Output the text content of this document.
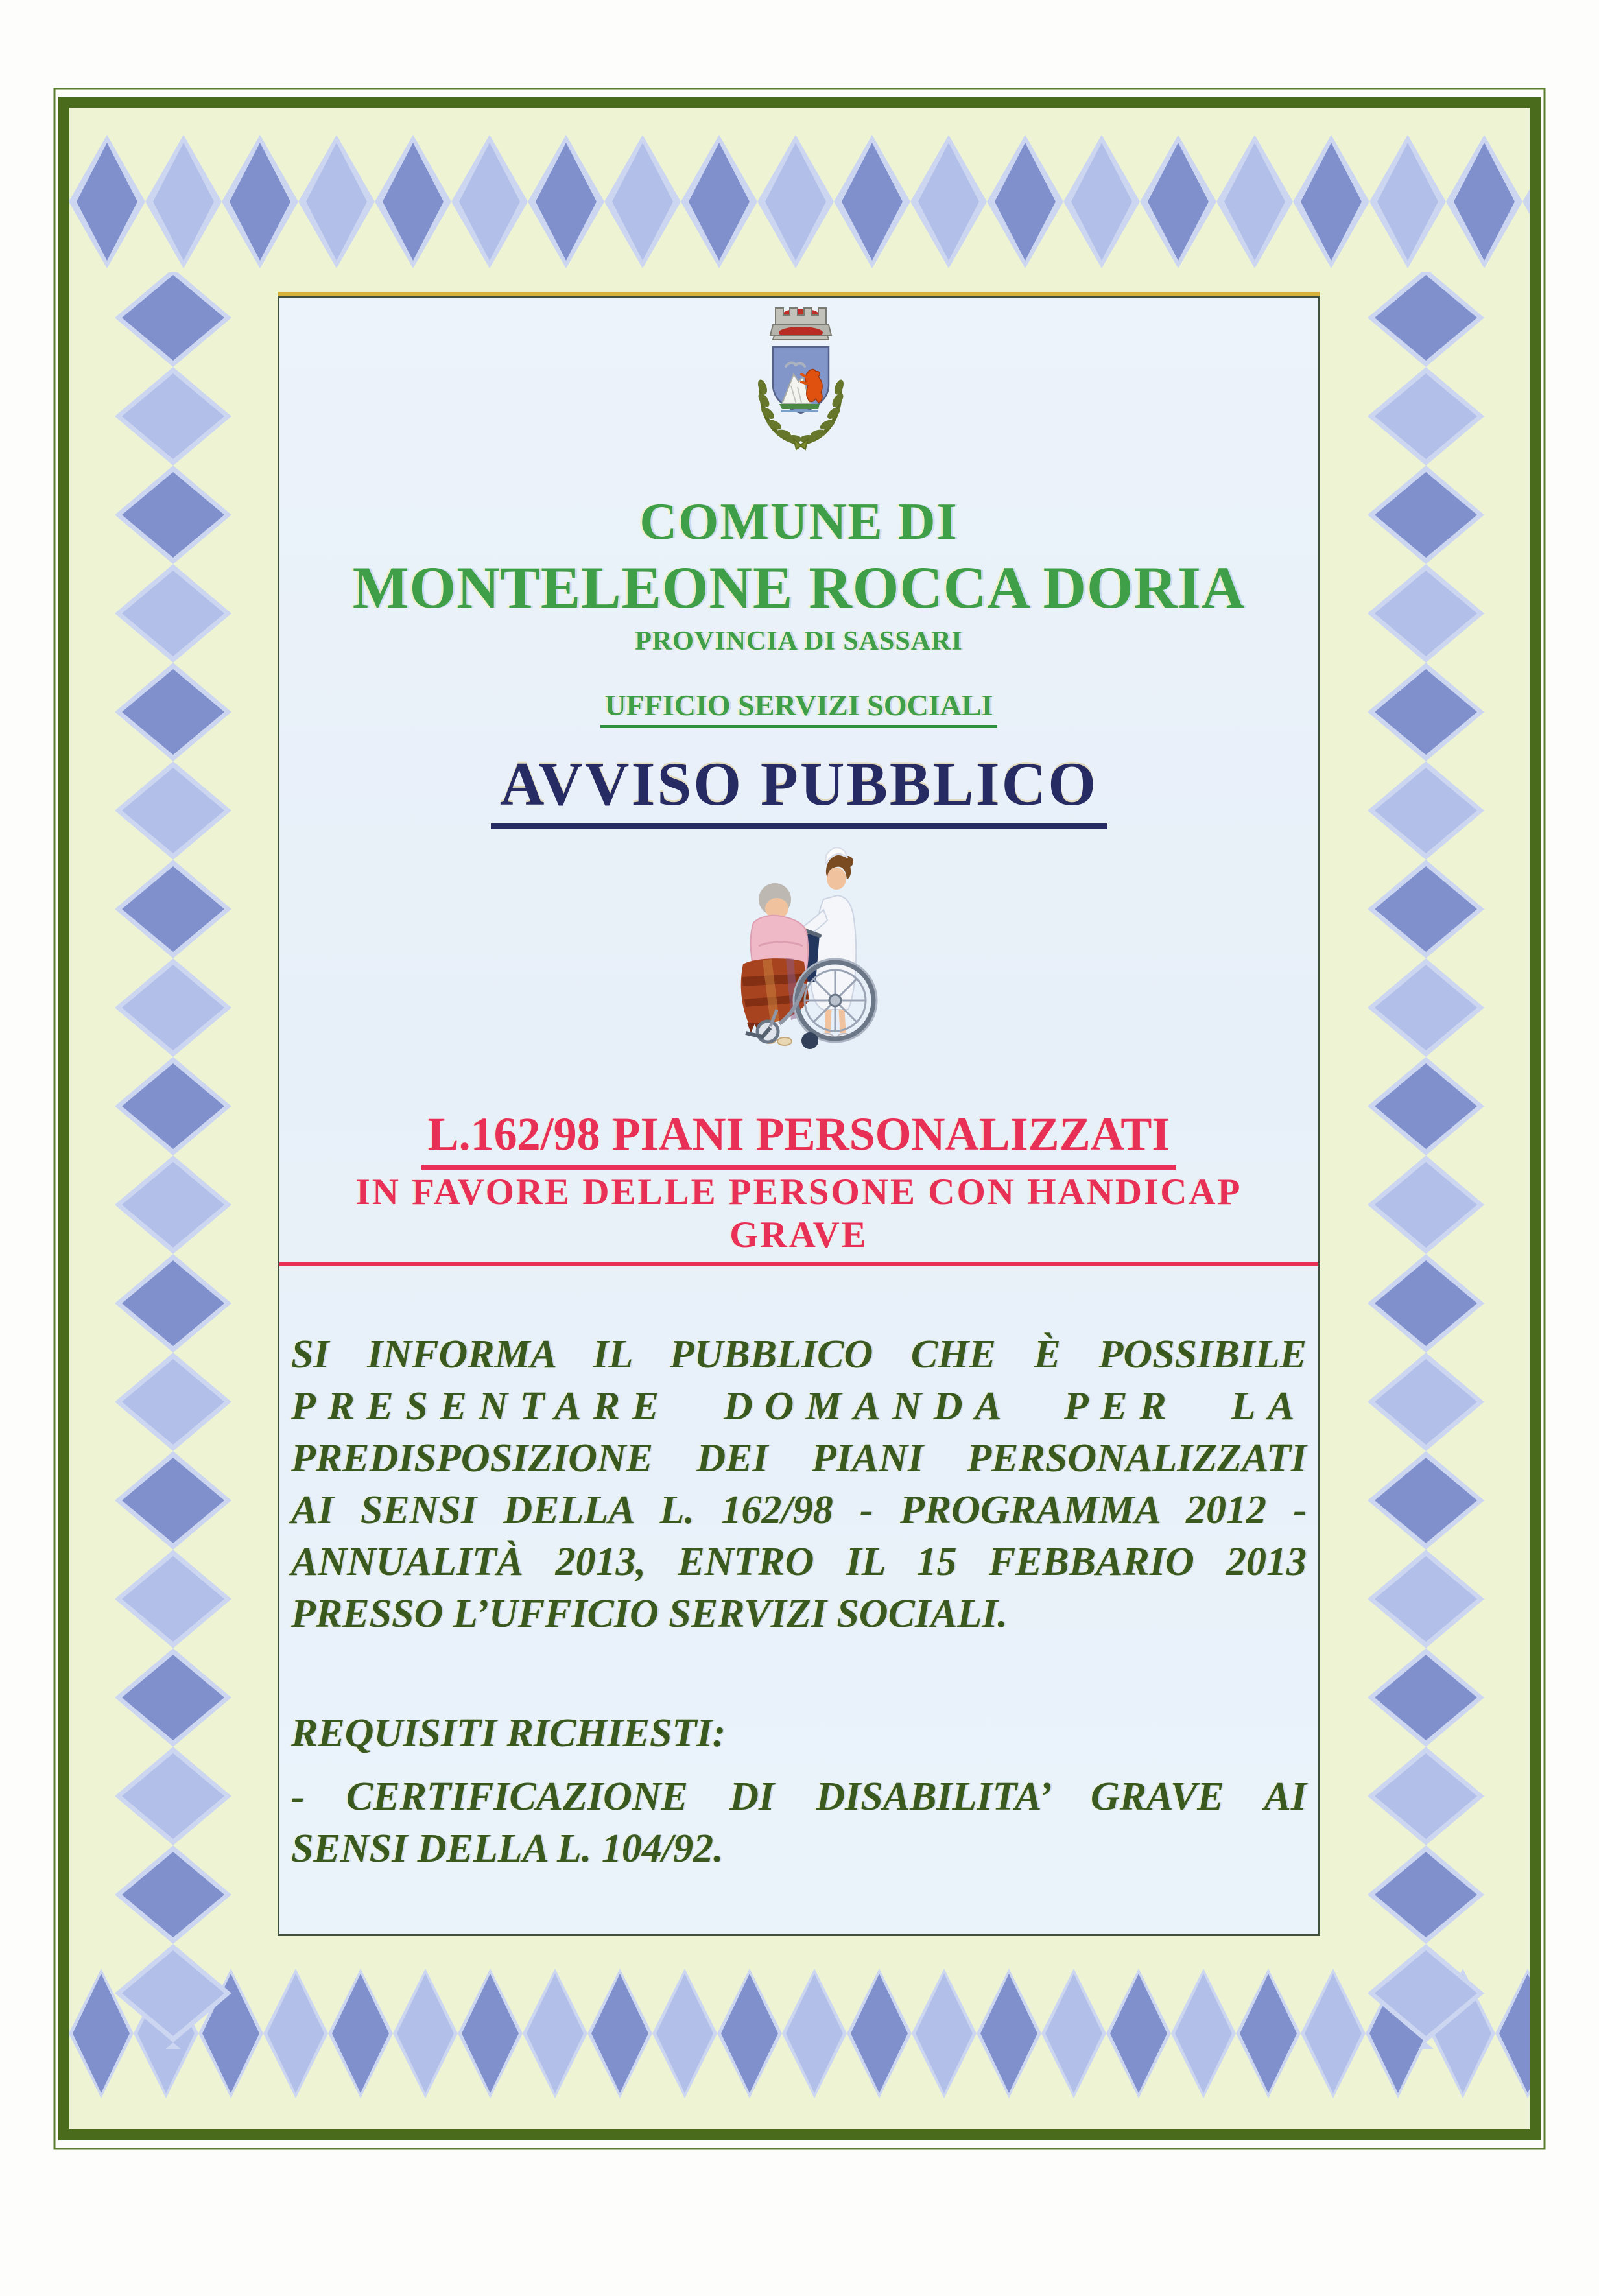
COMUNE DI
MONTELEONE ROCCA DORIA
PROVINCIA DI SASSARI
UFFICIO SERVIZI SOCIALI
AVVISO PUBBLICO
L.162/98 PIANI PERSONALIZZATI
IN FAVORE DELLE PERSONE CON HANDICAP GRAVE
SI INFORMA IL PUBBLICO CHE È POSSIBILE
PRESENTARE DOMANDA PER LA
PREDISPOSIZIONE DEI PIANI PERSONALIZZATI
AI SENSI DELLA L. 162/98 - PROGRAMMA 2012 -
ANNUALITÀ 2013, ENTRO IL 15 FEBBARIO 2013
PRESSO L’UFFICIO SERVIZI SOCIALI.
REQUISITI RICHIESTI:
- CERTIFICAZIONE DI DISABILITA’ GRAVE AI
SENSI DELLA L. 104/92.
